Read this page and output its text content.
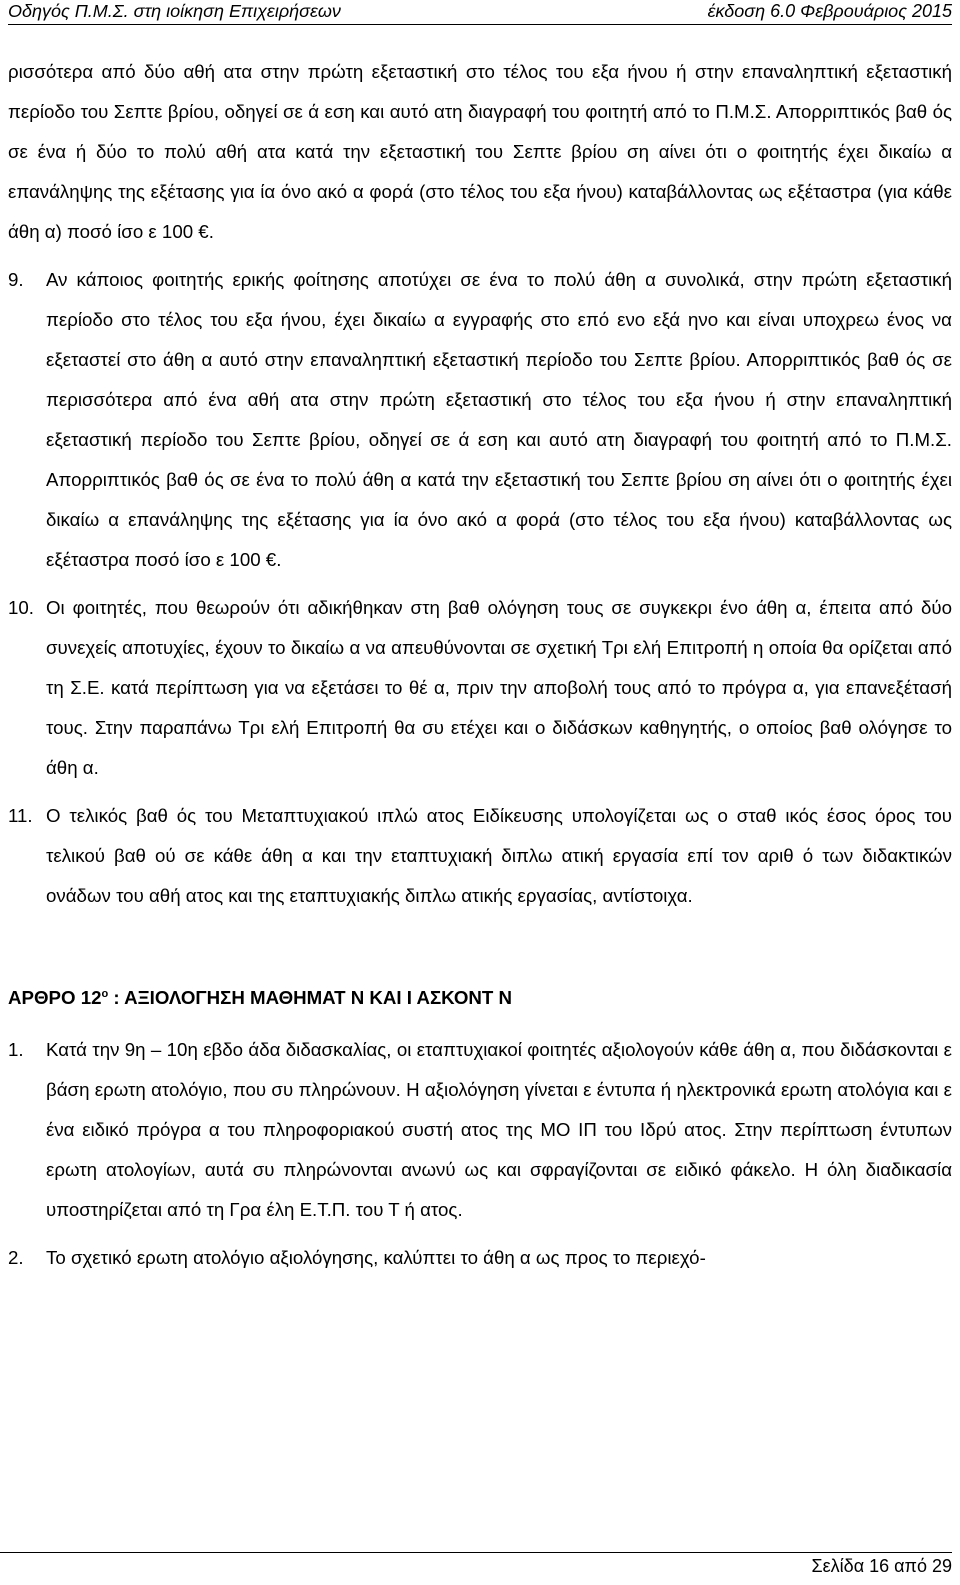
Οδηγός Π.Μ.Σ. στη ιοίκηση Επιχειρήσεων	έκδοση 6.0 Φεβρουάριος 2015
ρισσότερα από δύο αθή ατα στην πρώτη εξεταστική στο τέλος του εξα ήνου ή στην επαναληπτική εξεταστική περίοδο του Σεπτε βρίου, οδηγεί σε ά εση και αυτό ατη διαγραφή του φοιτητή από το Π.Μ.Σ. Απορριπτικός βαθ ός σε ένα ή δύο το πολύ αθή ατα κατά την εξεταστική του Σεπτε βρίου ση αίνει ότι ο φοιτητής έχει δικαίω α επανάληψης της εξέτασης για ία όνο ακό α φορά (στο τέλος του εξα ήνου) καταβάλλοντας ως εξέταστρα (για κάθε άθη α) ποσό ίσο ε 100 €.
9. Αν κάποιος φοιτητής ερικής φοίτησης αποτύχει σε ένα το πολύ άθη α συνολικά, στην πρώτη εξεταστική περίοδο στο τέλος του εξα ήνου, έχει δικαίω α εγγραφής στο επό ενο εξά ηνο και είναι υποχρεω ένος να εξεταστεί στο άθη α αυτό στην επαναληπτική εξεταστική περίοδο του Σεπτε βρίου. Απορριπτικός βαθ ός σε περισσότερα από ένα αθή ατα στην πρώτη εξεταστική στο τέλος του εξα ήνου ή στην επαναληπτική εξεταστική περίοδο του Σεπτε βρίου, οδηγεί σε ά εση και αυτό ατη διαγραφή του φοιτητή από το Π.Μ.Σ. Απορριπτικός βαθ ός σε ένα το πολύ άθη α κατά την εξεταστική του Σεπτε βρίου ση αίνει ότι ο φοιτητής έχει δικαίω α επανάληψης της εξέτασης για ία όνο ακό α φορά (στο τέλος του εξα ήνου) καταβάλλοντας ως εξέταστρα ποσό ίσο ε 100 €.
10. Οι φοιτητές, που θεωρούν ότι αδικήθηκαν στη βαθ ολόγηση τους σε συγκεκρι ένο άθη α, έπειτα από δύο συνεχείς αποτυχίες, έχουν το δικαίω α να απευθύνονται σε σχετική Τρι ελή Επιτροπή η οποία θα ορίζεται από τη Σ.Ε. κατά περίπτωση για να εξετάσει το θέ α, πριν την αποβολή τους από το πρόγρα α, για επανεξέτασή τους. Στην παραπάνω Τρι ελή Επιτροπή θα συ ετέχει και ο διδάσκων καθηγητής, ο οποίος βαθ ολόγησε το άθη α.
11. Ο τελικός βαθ ός του Μεταπτυχιακού ιπλώ ατος Ειδίκευσης υπολογίζεται ως ο σταθ ικός έσος όρος του τελικού βαθ ού σε κάθε άθη α και την εταπτυχιακή διπλω ατική εργασία επί τον αριθ ό των διδακτικών ονάδων του αθή ατος και της εταπτυχιακής διπλω ατικής εργασίας, αντίστοιχα.
ΑΡΘΡΟ $12^o$ : ΑΞΙΟΛΟΓΗΣΗ ΜΑΘΗΜΑΤ Ν ΚΑΙ Ι ΑΣΚΟΝΤ Ν
1. Κατά την 9η – 10η εβδο άδα διδασκαλίας, οι εταπτυχιακοί φοιτητές αξιολογούν κάθε άθη α, που διδάσκονται ε βάση ερωτη ατολόγιο, που συ πληρώνουν. Η αξιολόγηση γίνεται ε έντυπα ή ηλεκτρονικά ερωτη ατολόγια και ε ένα ειδικό πρόγρα α του πληροφοριακού συστή ατος της ΜΟ ΙΠ του Ιδρύ ατος. Στην περίπτωση έντυπων ερωτη ατολογίων, αυτά συ πληρώνονται ανωνύ ως και σφραγίζονται σε ειδικό φάκελο. Η όλη διαδικασία υποστηρίζεται από τη Γρα έλη Ε.Τ.Π. του Τ ή ατος.
2. Το σχετικό ερωτη ατολόγιο αξιολόγησης, καλύπτει το άθη α ως προς το περιεχό-
Σελίδα 16 από 29
